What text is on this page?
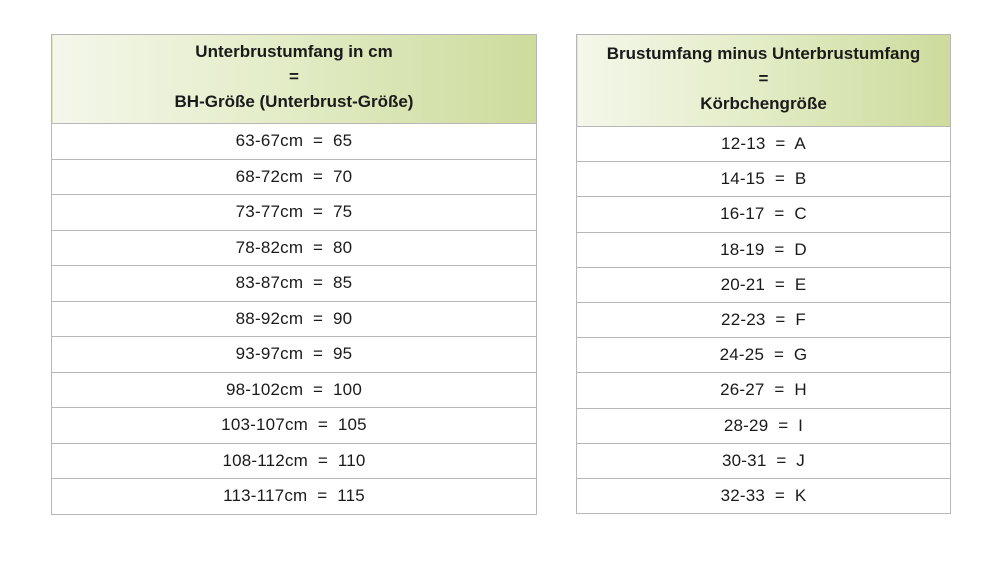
Unterbrustumfang in cm
=
BH-Größe (Unterbrust-Größe)

63-67cm  =  65
68-72cm  =  70
73-77cm  =  75
78-82cm  =  80
83-87cm  =  85
88-92cm  =  90
93-97cm  =  95
98-102cm  =  100
103-107cm  =  105
108-112cm  =  110
113-117cm  =  115
Brustumfang minus Unterbrustumfang
=
Körbchengröße

12-13  =  A
14-15  =  B
16-17  =  C
18-19  =  D
20-21  =  E
22-23  =  F
24-25  =  G
26-27  =  H
28-29  =  I
30-31  =  J
32-33  =  K
